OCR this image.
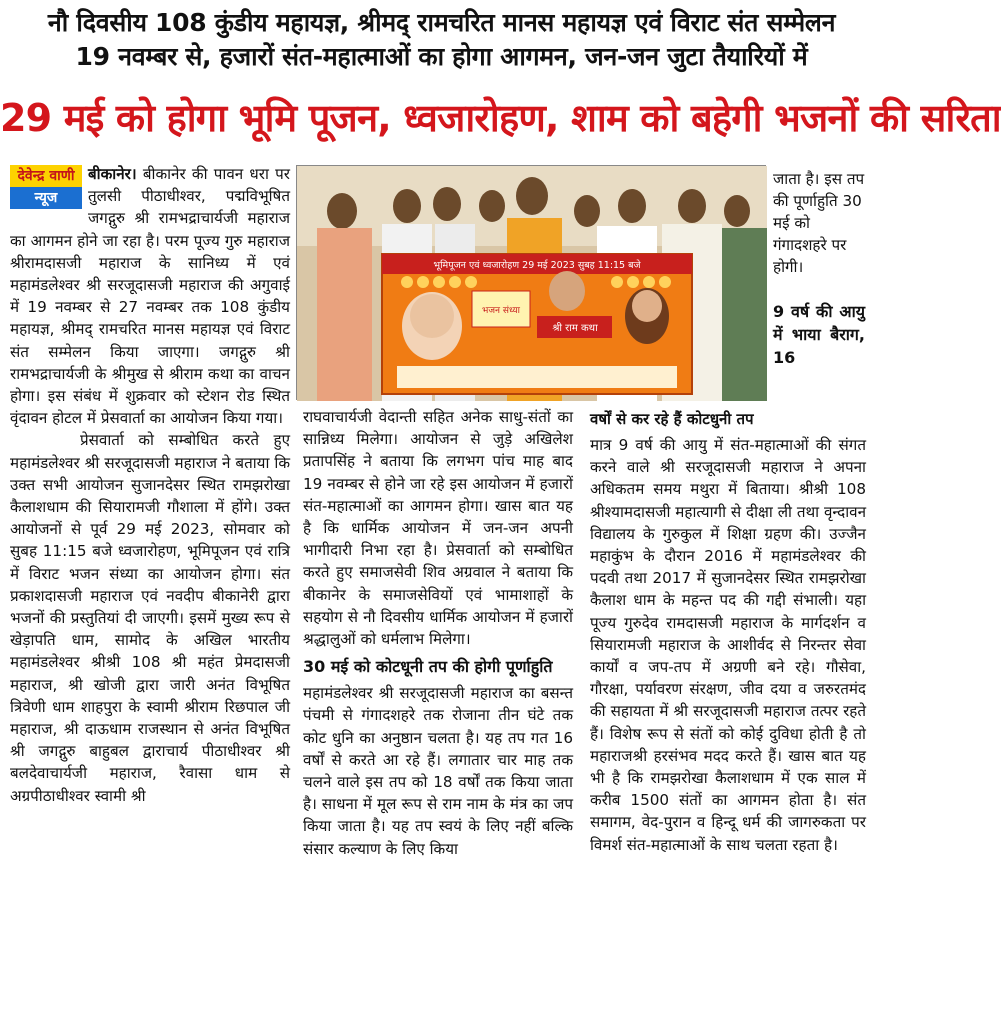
नौ दिवसीय 108 कुंडीय महायज्ञ, श्रीमद् रामचरित मानस महायज्ञ एवं विराट संत सम्मेलन
19 नवम्बर से, हजारों संत-महात्माओं का होगा आगमन, जन-जन जुटा तैयारियों में
29 मई को होगा भूमि पूजन, ध्वजारोहण, शाम को बहेगी भजनों की सरिता
देवेन्द्र वाणी
न्यूज

बीकानेर। बीकानेर की पावन धरा पर तुलसी पीठाधीश्वर, पद्मविभूषित जगद्गुरु श्री रामभद्राचार्यजी महाराज का आगमन होने जा रहा है। परम पूज्य गुरु महाराज श्रीरामदासजी महाराज के सानिध्य में एवं महामंडलेश्वर श्री सरजूदासजी महाराज की अगुवाई में 19 नवम्बर से 27 नवम्बर तक 108 कुंडीय महायज्ञ, श्रीमद् रामचरित मानस महायज्ञ एवं विराट संत सम्मेलन किया जाएगा। जगद्गुरु श्री रामभद्राचार्यजी के श्रीमुख से श्रीराम कथा का वाचन होगा। इस संबंध में शुक्रवार को स्टेशन रोड स्थित वृंदावन होटल में प्रेसवार्ता का आयोजन किया गया।

प्रेसवार्ता को सम्बोधित करते हुए महामंडलेश्वर श्री सरजूदासजी महाराज ने बताया कि उक्त सभी आयोजन सुजानदेसर स्थित रामझरोखा कैलाशधाम की सियारामजी गौशाला में होंगे। उक्त आयोजनों से पूर्व 29 मई 2023, सोमवार को सुबह 11:15 बजे ध्वजारोहण, भूमिपूजन एवं रात्रि में विराट भजन संध्या का आयोजन होगा। संत प्रकाशदासजी महाराज एवं नवदीप बीकानेरी द्वारा भजनों की प्रस्तुतियां दी जाएगी। इसमें मुख्य रूप से खेड़ापति धाम, सामोद के अखिल भारतीय महामंडलेश्वर श्रीश्री 108 श्री महंत प्रेमदासजी महाराज, श्री खोजी द्वारा जारी अनंत विभूषित त्रिवेणी धाम शाहपुरा के स्वामी श्रीराम रिछपाल जी महाराज, श्री दाऊधाम राजस्थान से अनंत विभूषित श्री जगद्गुरु बाहुबल द्वाराचार्य पीठाधीश्वर श्री बलदेवाचार्यजी महाराज, रैवासा धाम से अग्रपीठाधीश्वर स्वामी श्री

भूमिपूजन एवं ध्वजारोहण 29 मई 2023 सुबह 11:15 बजे
भजन संध्या
श्री राम कथा
जाता है। इस तप की पूर्णाहुति 30 मई को गंगादशहरे पर होगी।
9 वर्ष की आयु में भाया बैराग, 16

राघवाचार्यजी वेदान्ती सहित अनेक साधु-संतों का सान्निध्य मिलेगा। आयोजन से जुड़े अखिलेश प्रतापसिंह ने बताया कि लगभग पांच माह बाद 19 नवम्बर से होने जा रहे इस आयोजन में हजारों संत-महात्माओं का आगमन होगा। खास बात यह है कि धार्मिक आयोजन में जन-जन अपनी भागीदारी निभा रहा है। प्रेसवार्ता को सम्बोधित करते हुए समाजसेवी शिव अग्रवाल ने बताया कि बीकानेर के समाजसेवियों एवं भामाशाहों के सहयोग से नौ दिवसीय धार्मिक आयोजन में हजारों श्रद्धालुओं को धर्मलाभ मिलेगा।

30 मई को कोटधूनी तप की होगी पूर्णाहुति

महामंडलेश्वर श्री सरजूदासजी महाराज का बसन्त पंचमी से गंगादशहरे तक रोजाना तीन घंटे तक कोट धुनि का अनुष्ठान चलता है। यह तप गत 16 वर्षों से करते आ रहे हैं। लगातार चार माह तक चलने वाले इस तप को 18 वर्षों तक किया जाता है। साधना में मूल रूप से राम नाम के मंत्र का जप किया जाता है। यह तप स्वयं के लिए नहीं बल्कि संसार कल्याण के लिए किया

वर्षों से कर रहे हैं कोटधुनी तप

मात्र 9 वर्ष की आयु में संत-महात्माओं की संगत करने वाले श्री सरजूदासजी महाराज ने अपना अधिकतम समय मथुरा में बिताया। श्रीश्री 108 श्रीश्यामदासजी महात्यागी से दीक्षा ली तथा वृन्दावन विद्यालय के गुरुकुल में शिक्षा ग्रहण की। उज्जैन महाकुंभ के दौरान 2016 में महामंडलेश्वर की पदवी तथा 2017 में सुजानदेसर स्थित रामझरोखा कैलाश धाम के महन्त पद की गद्दी संभाली। यहा पूज्य गुरुदेव रामदासजी महाराज के मार्गदर्शन व सियारामजी महाराज के आशीर्वद से निरन्तर सेवा कार्यों व जप-तप में अग्रणी बने रहे। गौसेवा, गौरक्षा, पर्यावरण संरक्षण, जीव दया व जरुरतमंद की सहायता में श्री सरजूदासजी महाराज तत्पर रहते हैं। विशेष रूप से संतों को कोई दुविधा होती है तो महाराजश्री हरसंभव मदद करते हैं। खास बात यह भी है कि रामझरोखा कैलाशधाम में एक साल में करीब 1500 संतों का आगमन होता है। संत समागम, वेद-पुरान व हिन्दू धर्म की जागरुकता पर विमर्श संत-महात्माओं के साथ चलता रहता है।
